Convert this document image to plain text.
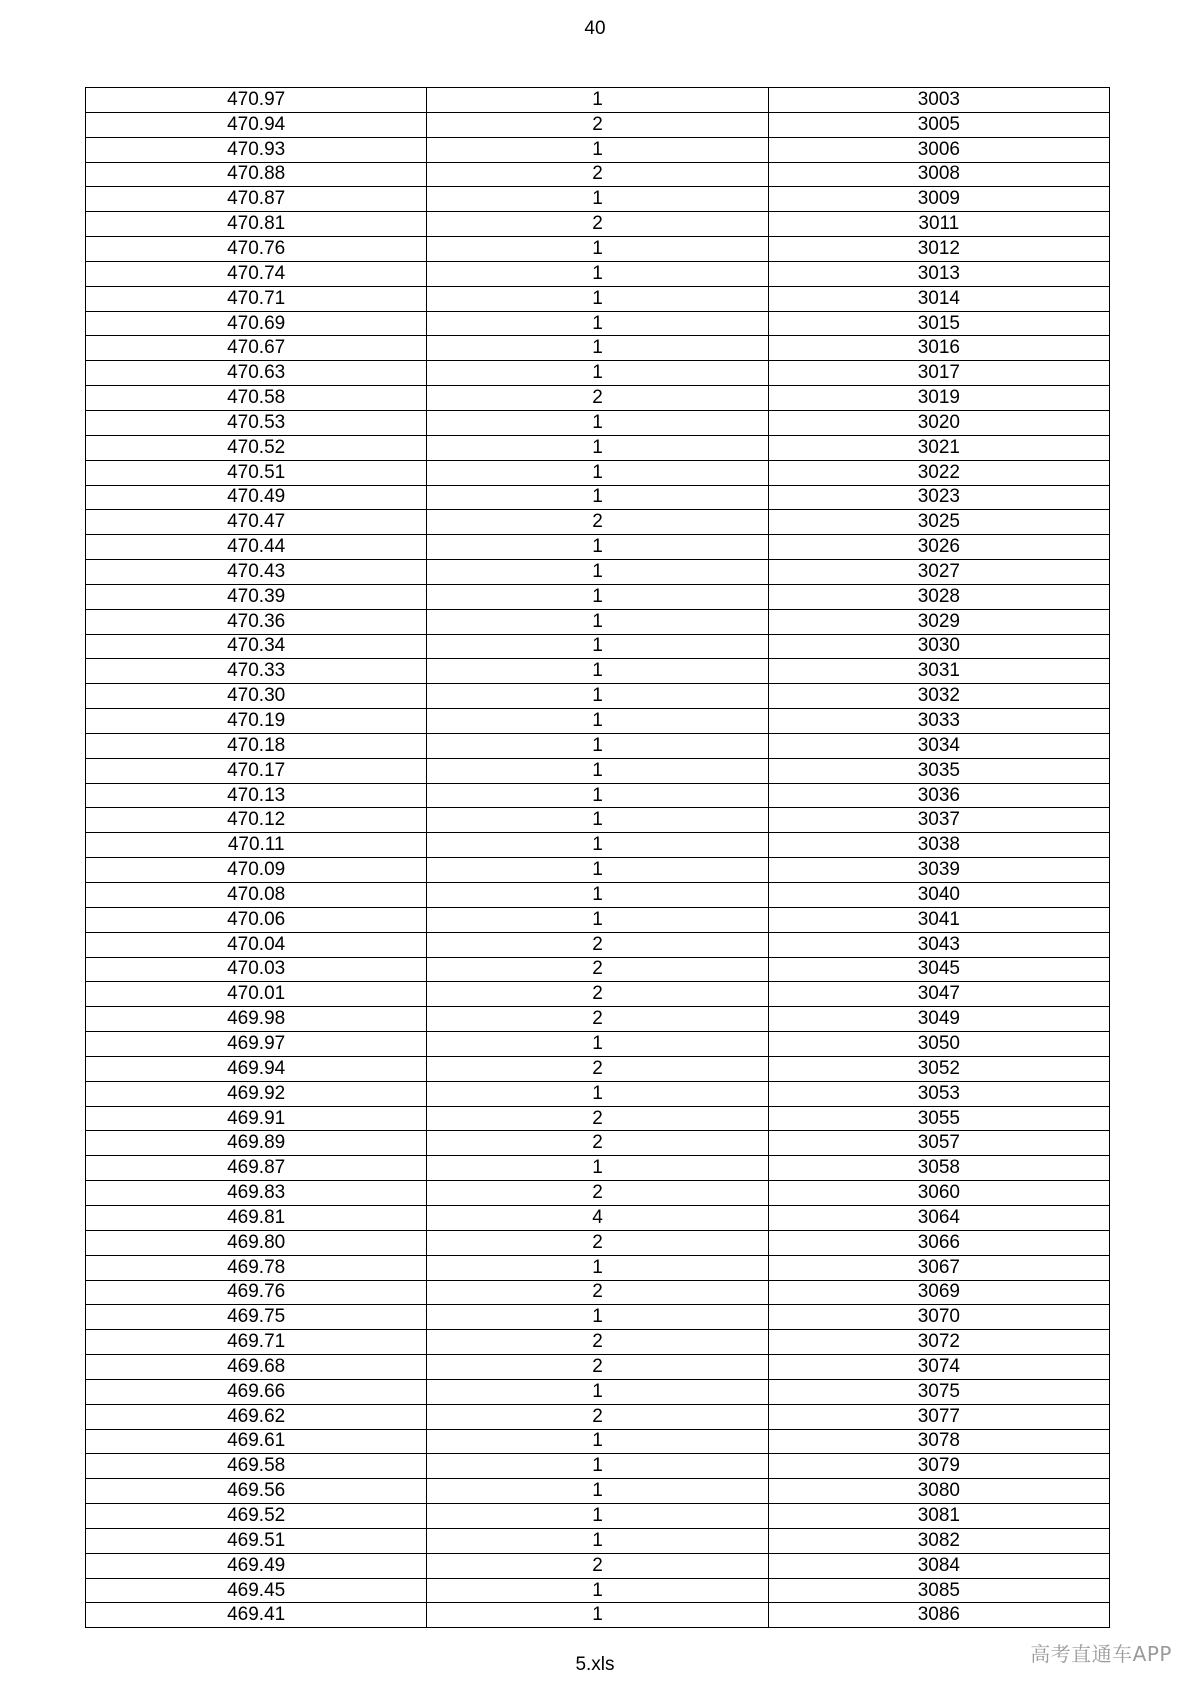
40
470.97	1	3003
470.94	2	3005
470.93	1	3006
470.88	2	3008
470.87	1	3009
470.81	2	3011
470.76	1	3012
470.74	1	3013
470.71	1	3014
470.69	1	3015
470.67	1	3016
470.63	1	3017
470.58	2	3019
470.53	1	3020
470.52	1	3021
470.51	1	3022
470.49	1	3023
470.47	2	3025
470.44	1	3026
470.43	1	3027
470.39	1	3028
470.36	1	3029
470.34	1	3030
470.33	1	3031
470.30	1	3032
470.19	1	3033
470.18	1	3034
470.17	1	3035
470.13	1	3036
470.12	1	3037
470.11	1	3038
470.09	1	3039
470.08	1	3040
470.06	1	3041
470.04	2	3043
470.03	2	3045
470.01	2	3047
469.98	2	3049
469.97	1	3050
469.94	2	3052
469.92	1	3053
469.91	2	3055
469.89	2	3057
469.87	1	3058
469.83	2	3060
469.81	4	3064
469.80	2	3066
469.78	1	3067
469.76	2	3069
469.75	1	3070
469.71	2	3072
469.68	2	3074
469.66	1	3075
469.62	2	3077
469.61	1	3078
469.58	1	3079
469.56	1	3080
469.52	1	3081
469.51	1	3082
469.49	2	3084
469.45	1	3085
469.41	1	3086
5.xls	高考直通车APP
